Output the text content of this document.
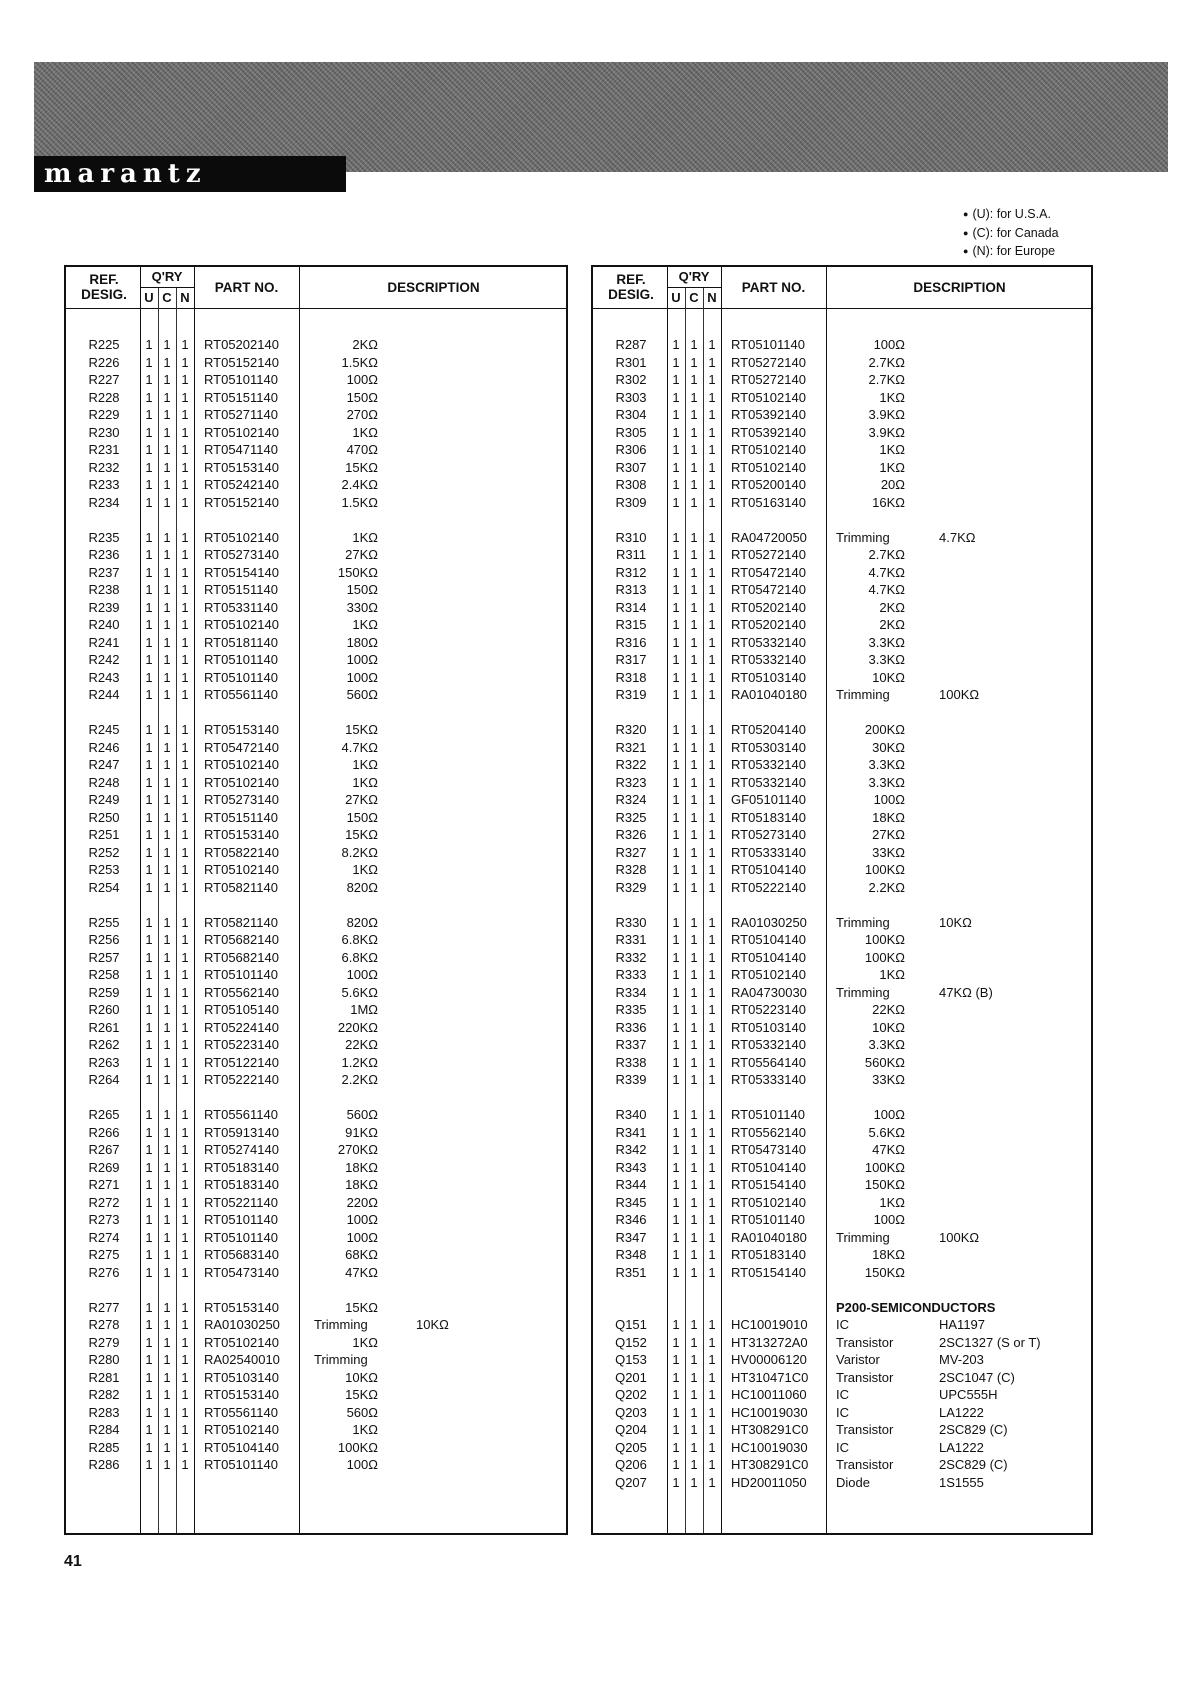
marantz
● (U): for U.S.A.
● (C): for Canada
● (N): for Europe
REF. DESIG.
Q'RY
U C N
PART NO.	DESCRIPTION
R225	1 1 1	RT05202140	2KΩ
R226	1 1 1	RT05152140	1.5KΩ
R227	1 1 1	RT05101140	100Ω
R228	1 1 1	RT05151140	150Ω
R229	1 1 1	RT05271140	270Ω
R230	1 1 1	RT05102140	1KΩ
R231	1 1 1	RT05471140	470Ω
R232	1 1 1	RT05153140	15KΩ
R233	1 1 1	RT05242140	2.4KΩ
R234	1 1 1	RT05152140	1.5KΩ
R235	1 1 1	RT05102140	1KΩ
R236	1 1 1	RT05273140	27KΩ
R237	1 1 1	RT05154140	150KΩ
R238	1 1 1	RT05151140	150Ω
R239	1 1 1	RT05331140	330Ω
R240	1 1 1	RT05102140	1KΩ
R241	1 1 1	RT05181140	180Ω
R242	1 1 1	RT05101140	100Ω
R243	1 1 1	RT05101140	100Ω
R244	1 1 1	RT05561140	560Ω
R245	1 1 1	RT05153140	15KΩ
R246	1 1 1	RT05472140	4.7KΩ
R247	1 1 1	RT05102140	1KΩ
R248	1 1 1	RT05102140	1KΩ
R249	1 1 1	RT05273140	27KΩ
R250	1 1 1	RT05151140	150Ω
R251	1 1 1	RT05153140	15KΩ
R252	1 1 1	RT05822140	8.2KΩ
R253	1 1 1	RT05102140	1KΩ
R254	1 1 1	RT05821140	820Ω
R255	1 1 1	RT05821140	820Ω
R256	1 1 1	RT05682140	6.8KΩ
R257	1 1 1	RT05682140	6.8KΩ
R258	1 1 1	RT05101140	100Ω
R259	1 1 1	RT05562140	5.6KΩ
R260	1 1 1	RT05105140	1MΩ
R261	1 1 1	RT05224140	220KΩ
R262	1 1 1	RT05223140	22KΩ
R263	1 1 1	RT05122140	1.2KΩ
R264	1 1 1	RT05222140	2.2KΩ
R265	1 1 1	RT05561140	560Ω
R266	1 1 1	RT05913140	91KΩ
R267	1 1 1	RT05274140	270KΩ
R269	1 1 1	RT05183140	18KΩ
R271	1 1 1	RT05183140	18KΩ
R272	1 1 1	RT05221140	220Ω
R273	1 1 1	RT05101140	100Ω
R274	1 1 1	RT05101140	100Ω
R275	1 1 1	RT05683140	68KΩ
R276	1 1 1	RT05473140	47KΩ
R277	1 1 1	RT05153140	15KΩ
R278	1 1 1	RA01030250	Trimming	10KΩ
R279	1 1 1	RT05102140	1KΩ
R280	1 1 1	RA02540010	Trimming
R281	1 1 1	RT05103140	10KΩ
R282	1 1 1	RT05153140	15KΩ
R283	1 1 1	RT05561140	560Ω
R284	1 1 1	RT05102140	1KΩ
R285	1 1 1	RT05104140	100KΩ
R286	1 1 1	RT05101140	100Ω
REF. DESIG.
Q'RY
U C N
PART NO.	DESCRIPTION
R287	1 1 1	RT05101140	100Ω
R301	1 1 1	RT05272140	2.7KΩ
R302	1 1 1	RT05272140	2.7KΩ
R303	1 1 1	RT05102140	1KΩ
R304	1 1 1	RT05392140	3.9KΩ
R305	1 1 1	RT05392140	3.9KΩ
R306	1 1 1	RT05102140	1KΩ
R307	1 1 1	RT05102140	1KΩ
R308	1 1 1	RT05200140	20Ω
R309	1 1 1	RT05163140	16KΩ
R310	1 1 1	RA04720050 Trimming	4.7KΩ
R311	1 1 1	RT05272140	2.7KΩ
R312	1 1 1	RT05472140	4.7KΩ
R313	1 1 1	RT05472140	4.7KΩ
R314	1 1 1	RT05202140	2KΩ
R315	1 1 1	RT05202140	2KΩ
R316	1 1 1	RT05332140	3.3KΩ
R317	1 1 1	RT05332140	3.3KΩ
R318	1 1 1	RT05103140	10KΩ
R319	1 1 1	RA01040180 Trimming	100KΩ
R320	1 1 1	RT05204140	200KΩ
R321	1 1 1	RT05303140	30KΩ
R322	1 1 1	RT05332140	3.3KΩ
R323	1 1 1	RT05332140	3.3KΩ
R324	1 1 1	GF05101140	100Ω
R325	1 1 1	RT05183140	18KΩ
R326	1 1 1	RT05273140	27KΩ
R327	1 1 1	RT05333140	33KΩ
R328	1 1 1	RT05104140	100KΩ
R329	1 1 1	RT05222140	2.2KΩ
R330	1 1 1	RA01030250 Trimming	10KΩ
R331	1 1 1	RT05104140	100KΩ
R332	1 1 1	RT05104140	100KΩ
R333	1 1 1	RT05102140	1KΩ
R334	1 1 1	RA04730030 Trimming	47KΩ (B)
R335	1 1 1	RT05223140	22KΩ
R336	1 1 1	RT05103140	10KΩ
R337	1 1 1	RT05332140	3.3KΩ
R338	1 1 1	RT05564140	560KΩ
R339	1 1 1	RT05333140	33KΩ
R340	1 1 1	RT05101140	100Ω
R341	1 1 1	RT05562140	5.6KΩ
R342	1 1 1	RT05473140	47KΩ
R343	1 1 1	RT05104140	100KΩ
R344	1 1 1	RT05154140	150KΩ
R345	1 1 1	RT05102140	1KΩ
R346	1 1 1	RT05101140	100Ω
R347	1 1 1	RA01040180 Trimming	100KΩ
R348	1 1 1	RT05183140	18KΩ
R351	1 1 1	RT05154140	150KΩ
P200-SEMICONDUCTORS
Q151	1 1 1	HC10019010 IC	HA1197
Q152	1 1 1	HT313272A0 Transistor	2SC1327 (S or T)
Q153	1 1 1	HV00006120 Varistor	MV-203
Q201	1 1 1	HT310471C0 Transistor	2SC1047 (C)
Q202	1 1 1	HC10011060 IC	UPC555H
Q203	1 1 1	HC10019030 IC	LA1222
Q204	1 1 1	HT308291C0 Transistor	2SC829 (C)
Q205	1 1 1	HC10019030 IC	LA1222
Q206	1 1 1	HT308291C0 Transistor	2SC829 (C)
Q207	1 1 1	HD20011050 Diode	1S1555
41
